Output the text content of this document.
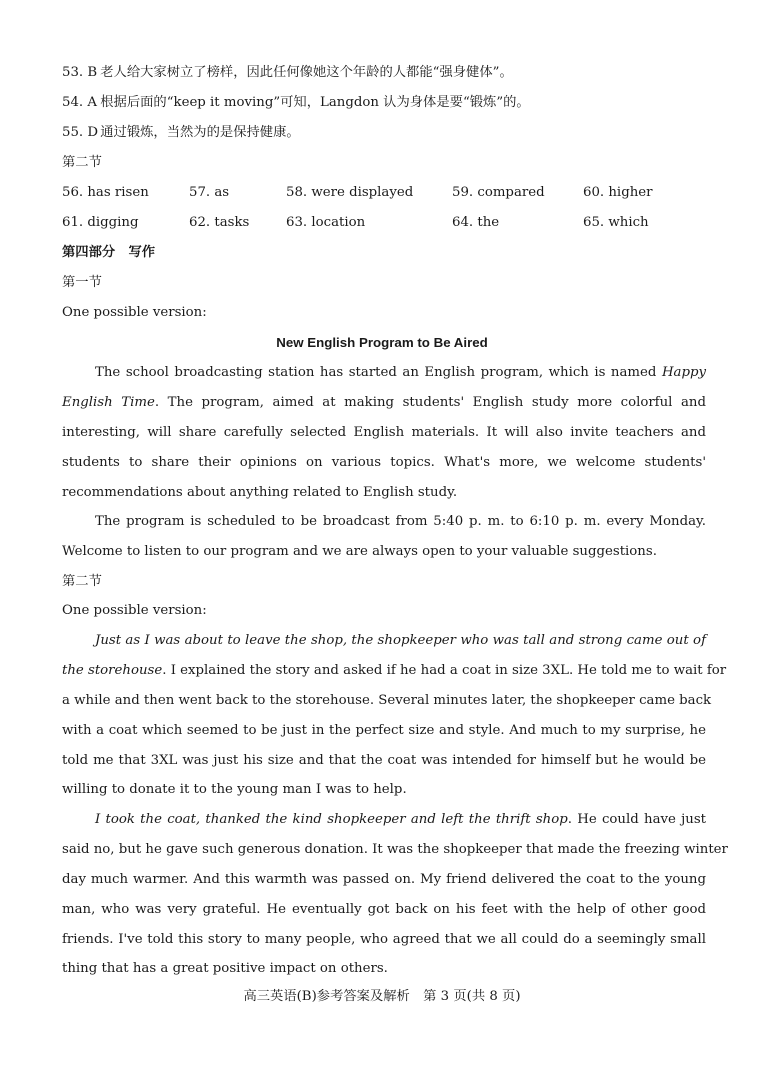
53. B 老人给大家树立了榜样，因此任何像她这个年龄的人都能“强身健体”。
54. A 根据后面的“keep it moving”可知，Langdon 认为身体是要“锻炼”的。
55. D 通过锻炼，当然为的是保持健康。
第二节
56. has risen	57. as	58. were displayed	59. compared	60. higher
61. digging	62. tasks	63. location	64. the	65. which
第四部分　写作
第一节
One possible version:
New English Program to Be Aired
The school broadcasting station has started an English program, which is named Happy
English Time. The program, aimed at making students' English study more colorful and
interesting, will share carefully selected English materials. It will also invite teachers and
students to share their opinions on various topics. What's more, we welcome students'
recommendations about anything related to English study.
The program is scheduled to be broadcast from 5:40 p. m. to 6:10 p. m. every Monday.
Welcome to listen to our program and we are always open to your valuable suggestions.
第二节
One possible version:
Just as I was about to leave the shop, the shopkeeper who was tall and strong came out of
the storehouse. I explained the story and asked if he had a coat in size 3XL. He told me to wait for
a while and then went back to the storehouse. Several minutes later, the shopkeeper came back
with a coat which seemed to be just in the perfect size and style. And much to my surprise, he
told me that 3XL was just his size and that the coat was intended for himself but he would be
willing to donate it to the young man I was to help.
I took the coat, thanked the kind shopkeeper and left the thrift shop. He could have just
said no, but he gave such generous donation. It was the shopkeeper that made the freezing winter
day much warmer. And this warmth was passed on. My friend delivered the coat to the young
man, who was very grateful. He eventually got back on his feet with the help of other good
friends. I've told this story to many people, who agreed that we all could do a seemingly small
thing that has a great positive impact on others.
高三英语(B)参考答案及解析　第 3 页(共 8 页)
